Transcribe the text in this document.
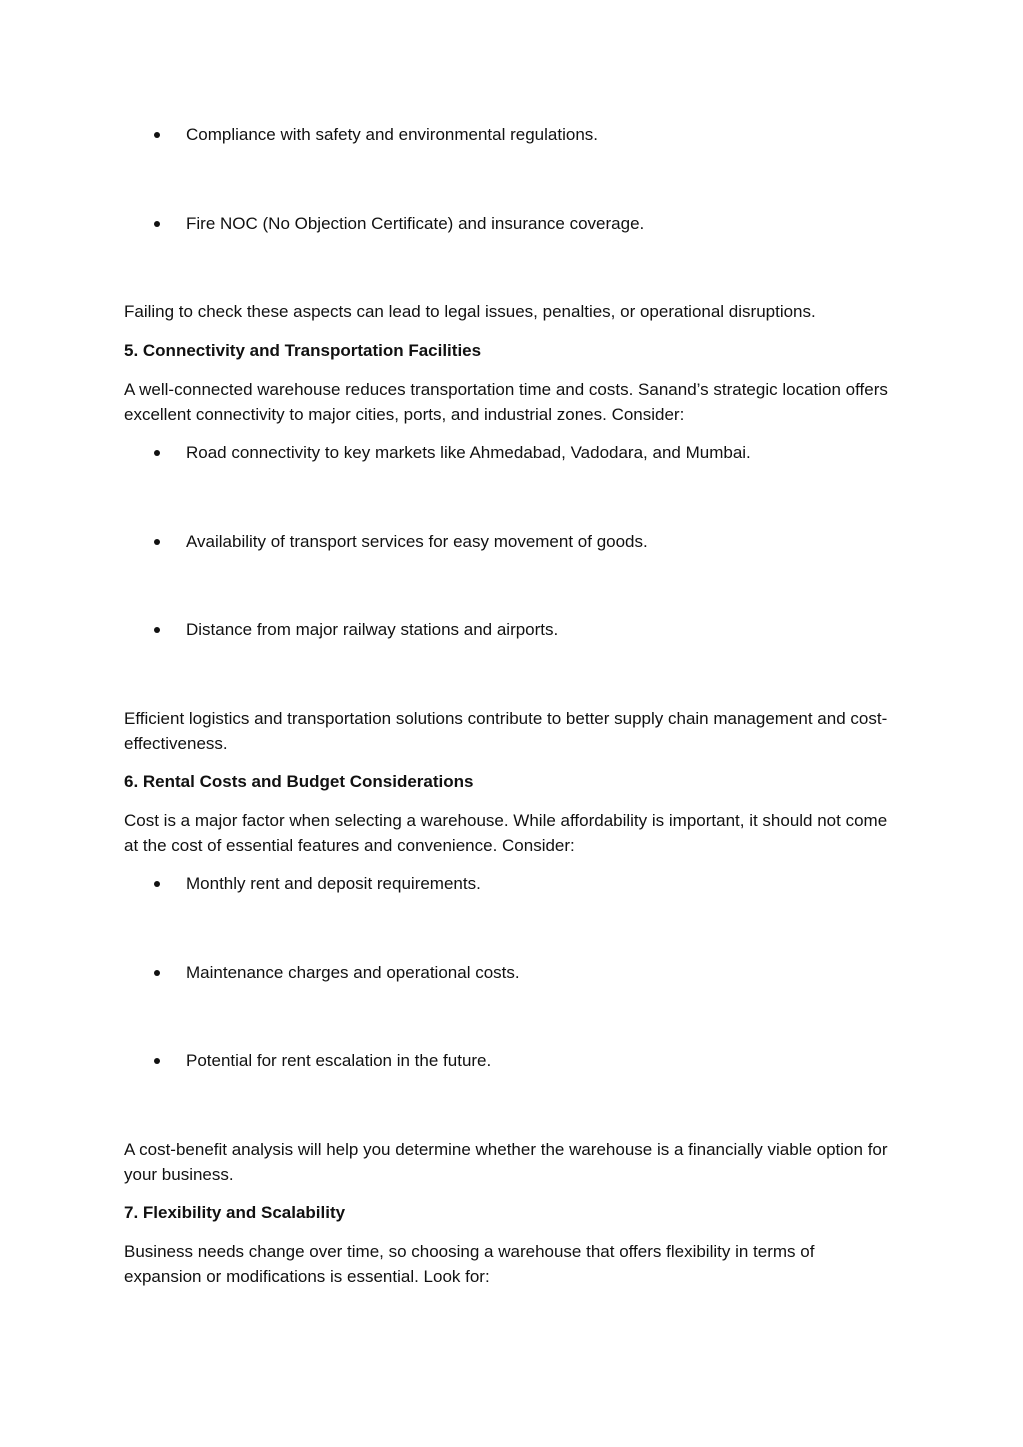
Compliance with safety and environmental regulations.
Fire NOC (No Objection Certificate) and insurance coverage.

Failing to check these aspects can lead to legal issues, penalties, or operational disruptions.

5. Connectivity and Transportation Facilities

A well-connected warehouse reduces transportation time and costs. Sanand’s strategic location offers excellent connectivity to major cities, ports, and industrial zones. Consider:

Road connectivity to key markets like Ahmedabad, Vadodara, and Mumbai.
Availability of transport services for easy movement of goods.
Distance from major railway stations and airports.

Efficient logistics and transportation solutions contribute to better supply chain management and cost-effectiveness.

6. Rental Costs and Budget Considerations

Cost is a major factor when selecting a warehouse. While affordability is important, it should not come at the cost of essential features and convenience. Consider:

Monthly rent and deposit requirements.
Maintenance charges and operational costs.
Potential for rent escalation in the future.

A cost-benefit analysis will help you determine whether the warehouse is a financially viable option for your business.

7. Flexibility and Scalability

Business needs change over time, so choosing a warehouse that offers flexibility in terms of expansion or modifications is essential. Look for:
